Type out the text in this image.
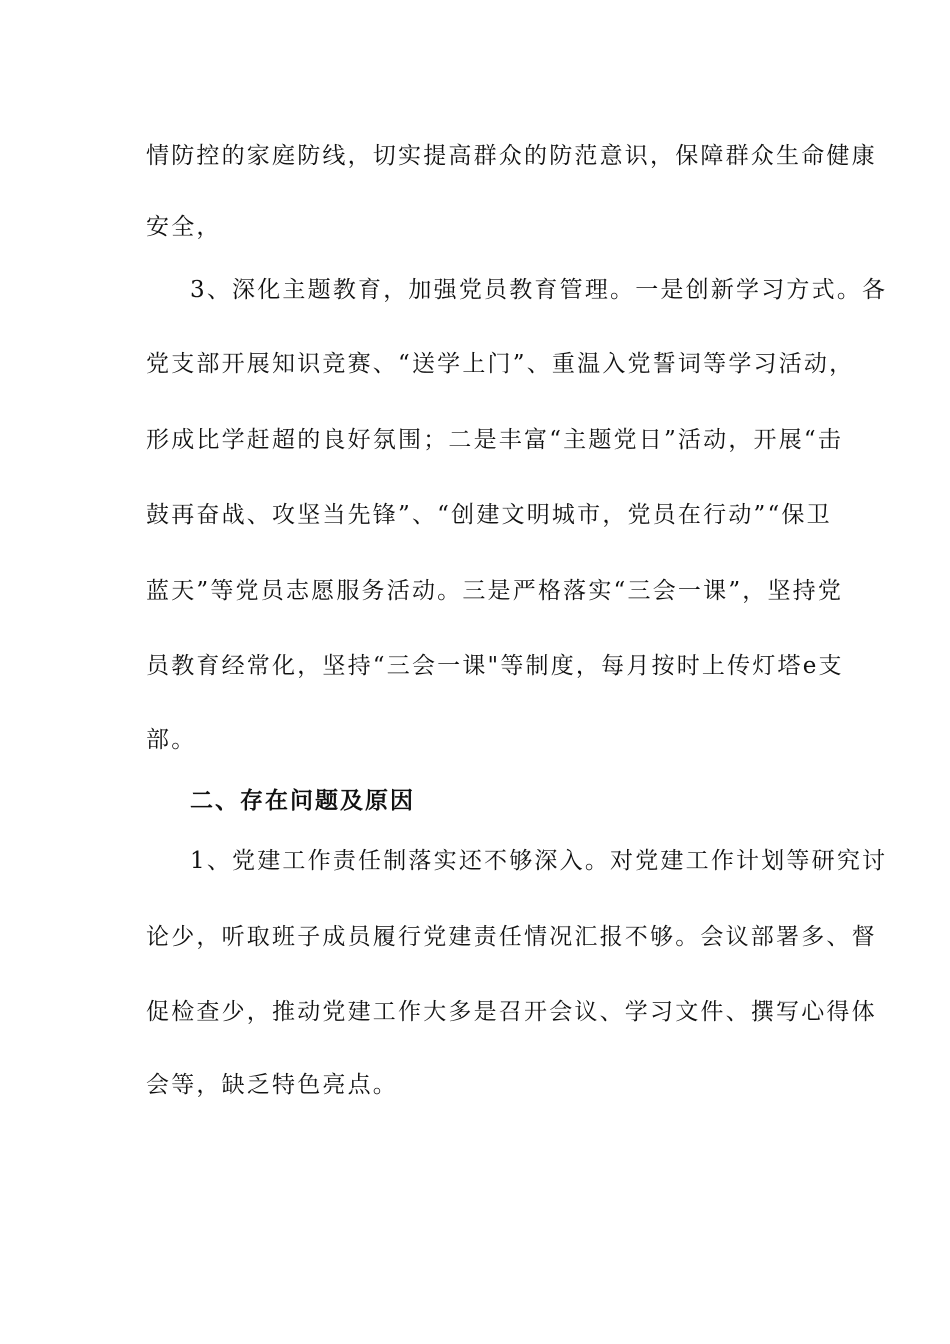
情防控的家庭防线，切实提高群众的防范意识，保障群众生命健康
安全，
3、深化主题教育，加强党员教育管理。一是创新学习方式。各
党支部开展知识竞赛、“送学上门”、重温入党誓词等学习活动，
形成比学赶超的良好氛围；二是丰富“主题党日”活动，开展“击
鼓再奋战、攻坚当先锋”、“创建文明城市，党员在行动”“保卫
蓝天”等党员志愿服务活动。三是严格落实“三会一课”，坚持党
员教育经常化，坚持“三会一课"等制度，每月按时上传灯塔e支
部。
二、存在问题及原因
1、党建工作责任制落实还不够深入。对党建工作计划等研究讨
论少，听取班子成员履行党建责任情况汇报不够。会议部署多、督
促检查少，推动党建工作大多是召开会议、学习文件、撰写心得体
会等，缺乏特色亮点。
